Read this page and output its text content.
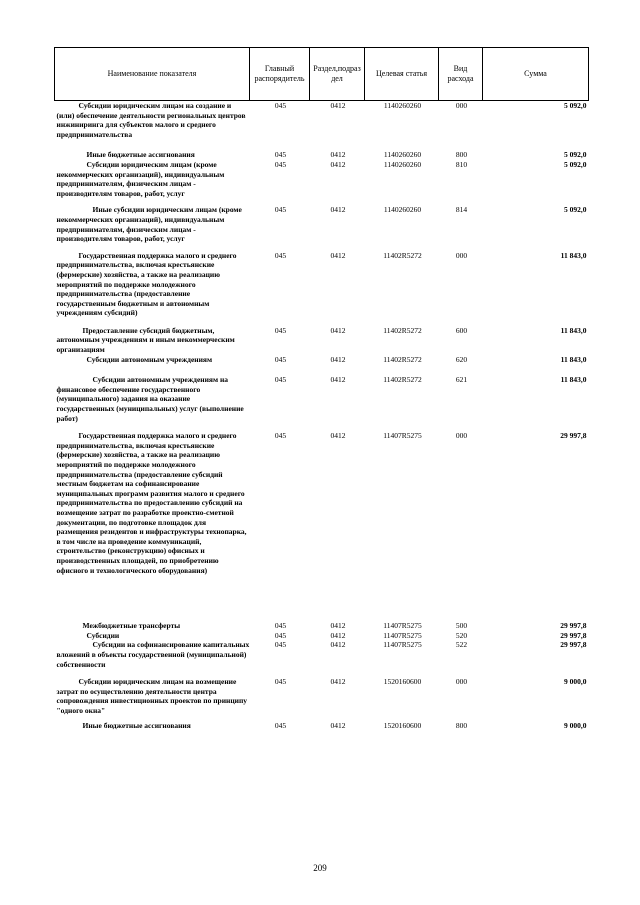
Наименование показателя	Главный распорядитель	Раздел,подраз дел	Целевая статья	Вид расхода	Сумма
Субсидии юридическим лицам на создание и (или) обеспечение деятельности региональных центров инжиниринга для субъектов малого и среднего предпринимательства	045	0412	1140260260	000	5 092,0
Иные бюджетные ассигнования	045	0412	1140260260	800	5 092,0
Субсидии юридическим лицам (кроме некоммерческих организаций), индивидуальным предпринимателям, физическим лицам - производителям товаров, работ, услуг	045	0412	1140260260	810	5 092,0
Иные субсидии юридическим лицам (кроме некоммерческих организаций), индивидуальным предпринимателям, физическим лицам - производителям товаров, работ, услуг	045	0412	1140260260	814	5 092,0
Государственная поддержка малого и среднего предпринимательства, включая крестьянские (фермерские) хозяйства, а также на реализацию мероприятий по поддержке молодежного предпринимательства (предоставление государственным бюджетным и автономным учреждениям субсидий)	045	0412	11402R5272	000	11 843,0
Предоставление субсидий бюджетным, автономным учреждениям и иным некоммерческим организациям	045	0412	11402R5272	600	11 843,0
Субсидии автономным учреждениям	045	0412	11402R5272	620	11 843,0
Субсидии автономным учреждениям на финансовое обеспечение государственного (муниципального) задания на оказание государственных (муниципальных) услуг (выполнение работ)	045	0412	11402R5272	621	11 843,0
Государственная поддержка малого и среднего предпринимательства, включая крестьянские (фермерские) хозяйства, а также на реализацию мероприятий по поддержке молодежного предпринимательства (предоставление субсидий местным бюджетам на софинансирование муниципальных программ развития малого и среднего предпринимательства по предоставлению субсидий на возмещение затрат по разработке проектно-сметной документации, по подготовке площадок для размещения резидентов и инфраструктуры технопарка, в том числе на проведение коммуникаций, строительство (реконструкцию) офисных и производственных площадей, по приобретению офисного и технологического оборудования)	045	0412	11407R5275	000	29 997,8
Межбюджетные трансферты	045	0412	11407R5275	500	29 997,8
Субсидии	045	0412	11407R5275	520	29 997,8
Субсидии на софинансирование капитальных вложений в объекты государственной (муниципальной) собственности	045	0412	11407R5275	522	29 997,8
Субсидии юридическим лицам на возмещение затрат по осуществлению деятельности центра сопровождения инвестиционных проектов по принципу "одного окна"	045	0412	1520160600	000	9 000,0
Иные бюджетные ассигнования	045	0412	1520160600	800	9 000,0
209
